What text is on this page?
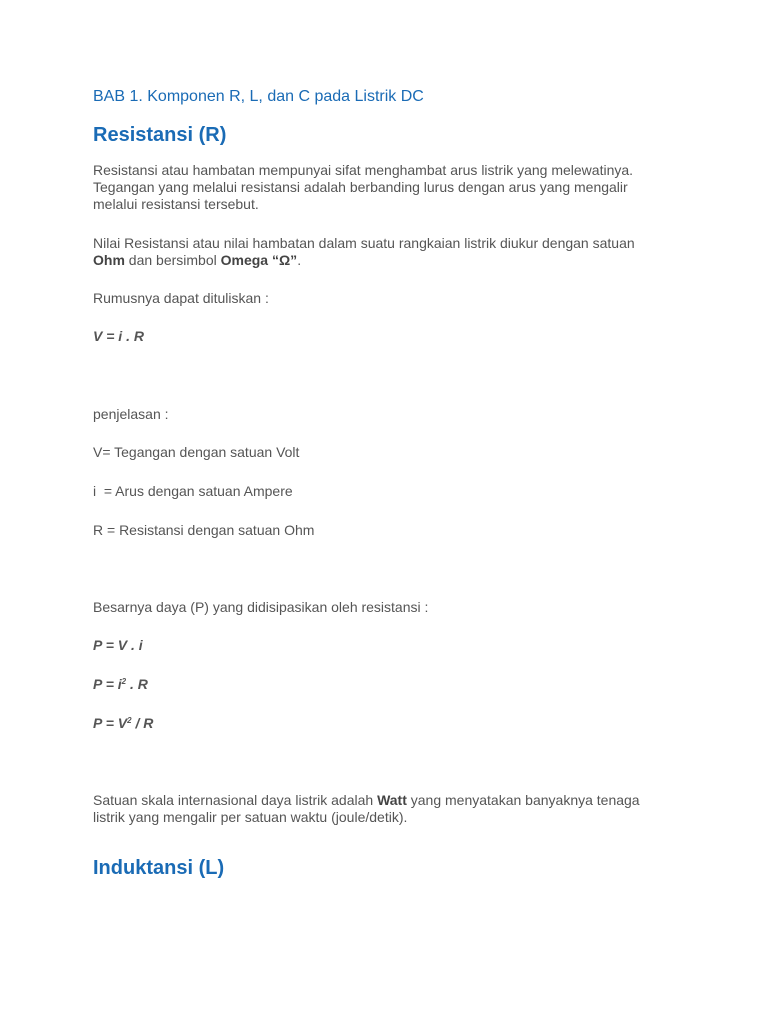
BAB 1. Komponen R, L, dan C pada Listrik DC

Resistansi (R)

Resistansi atau hambatan mempunyai sifat menghambat arus listrik yang melewatinya. Tegangan yang melalui resistansi adalah berbanding lurus dengan arus yang mengalir melalui resistansi tersebut.

Nilai Resistansi atau nilai hambatan dalam suatu rangkaian listrik diukur dengan satuan Ohm dan bersimbol Omega “Ω”.

Rumusnya dapat dituliskan :

V = i . R

penjelasan :

V= Tegangan dengan satuan Volt

i  = Arus dengan satuan Ampere

R = Resistansi dengan satuan Ohm

Besarnya daya (P) yang didisipasikan oleh resistansi :

P = V . i

$P = i^2$ . R

$P = V^2 / R$

Satuan skala internasional daya listrik adalah Watt yang menyatakan banyaknya tenaga listrik yang mengalir per satuan waktu (joule/detik).

Induktansi (L)
